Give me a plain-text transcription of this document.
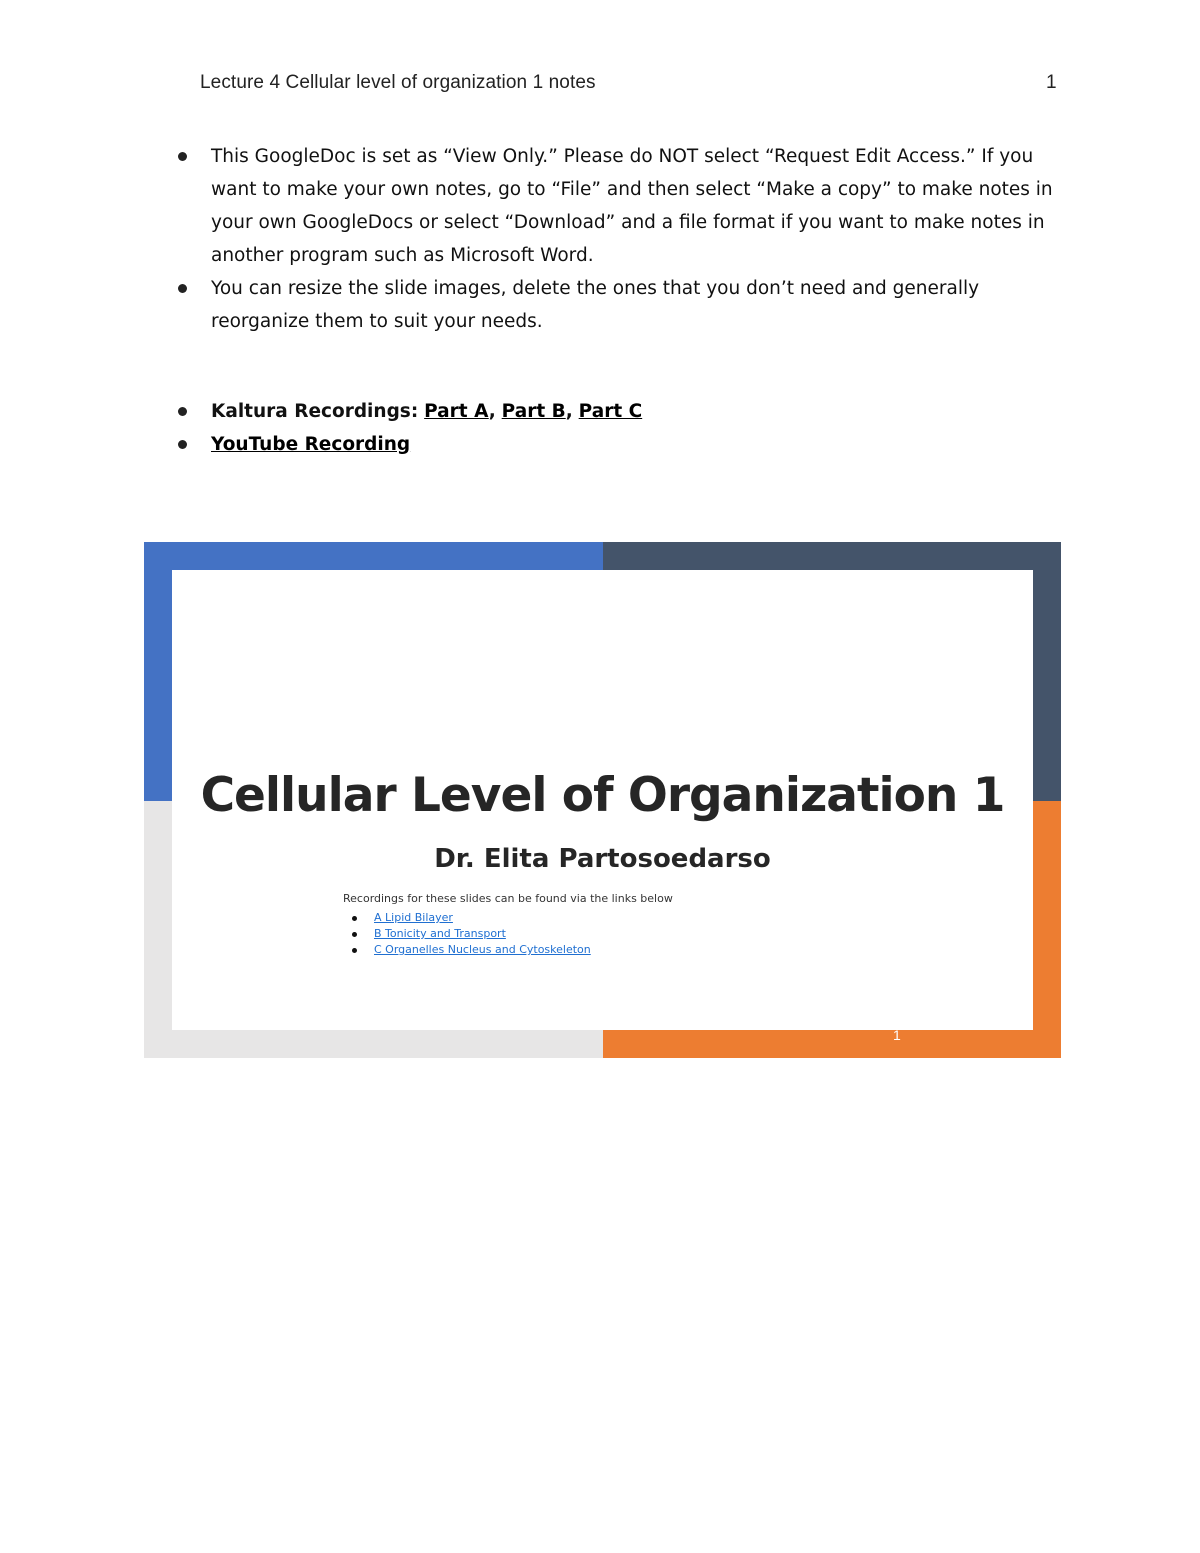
Lecture 4 Cellular level of organization 1 notes	1
This GoogleDoc is set as “View Only.” Please do NOT select “Request Edit Access.” If you want to make your own notes, go to “File” and then select “Make a copy” to make notes in your own GoogleDocs or select “Download” and a file format if you want to make notes in another program such as Microsoft Word.
You can resize the slide images, delete the ones that you don’t need and generally reorganize them to suit your needs.
Kaltura Recordings: Part A, Part B, Part C
YouTube Recording
Cellular Level of Organization 1
Dr. Elita Partosoedarso
Recordings for these slides can be found via the links below
A Lipid Bilayer
B Tonicity and Transport
C Organelles Nucleus and Cytoskeleton
1
